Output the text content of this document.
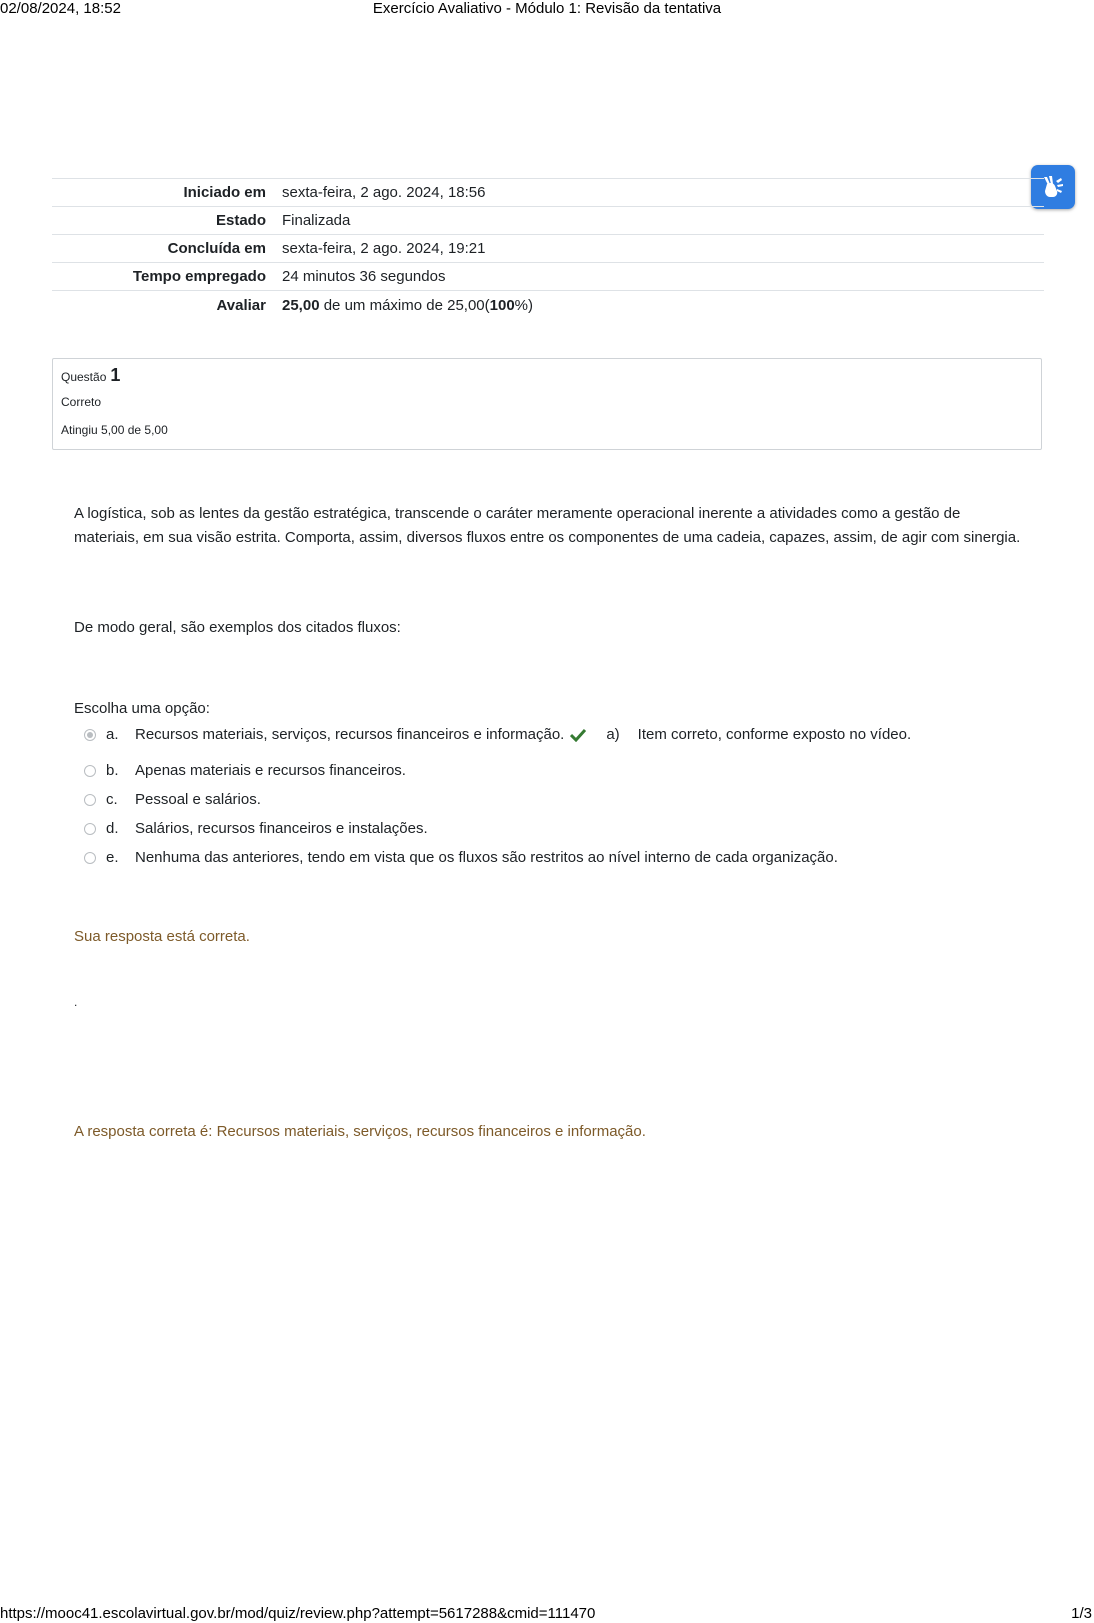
02/08/2024, 18:52	Exercício Avaliativo - Módulo 1: Revisão da tentativa
Iniciado em	sexta-feira, 2 ago. 2024, 18:56
Estado	Finalizada
Concluída em	sexta-feira, 2 ago. 2024, 19:21
Tempo empregado	24 minutos 36 segundos
Avaliar	25,00 de um máximo de 25,00(100%)
Questão 1
Correto
Atingiu 5,00 de 5,00
A logística, sob as lentes da gestão estratégica, transcende o caráter meramente operacional inerente a atividades como a gestão de materiais, em sua visão estrita. Comporta, assim, diversos fluxos entre os componentes de uma cadeia, capazes, assim, de agir com sinergia.
De modo geral, são exemplos dos citados fluxos:
Escolha uma opção:
a.	Recursos materiais, serviços, recursos financeiros e informação.	a) Item correto, conforme exposto no vídeo.
b.	Apenas materiais e recursos financeiros.
c.	Pessoal e salários.
d.	Salários, recursos financeiros e instalações.
e.	Nenhuma das anteriores, tendo em vista que os fluxos são restritos ao nível interno de cada organização.
Sua resposta está correta.
.
A resposta correta é: Recursos materiais, serviços, recursos financeiros e informação.
https://mooc41.escolavirtual.gov.br/mod/quiz/review.php?attempt=5617288&cmid=111470	1/3
